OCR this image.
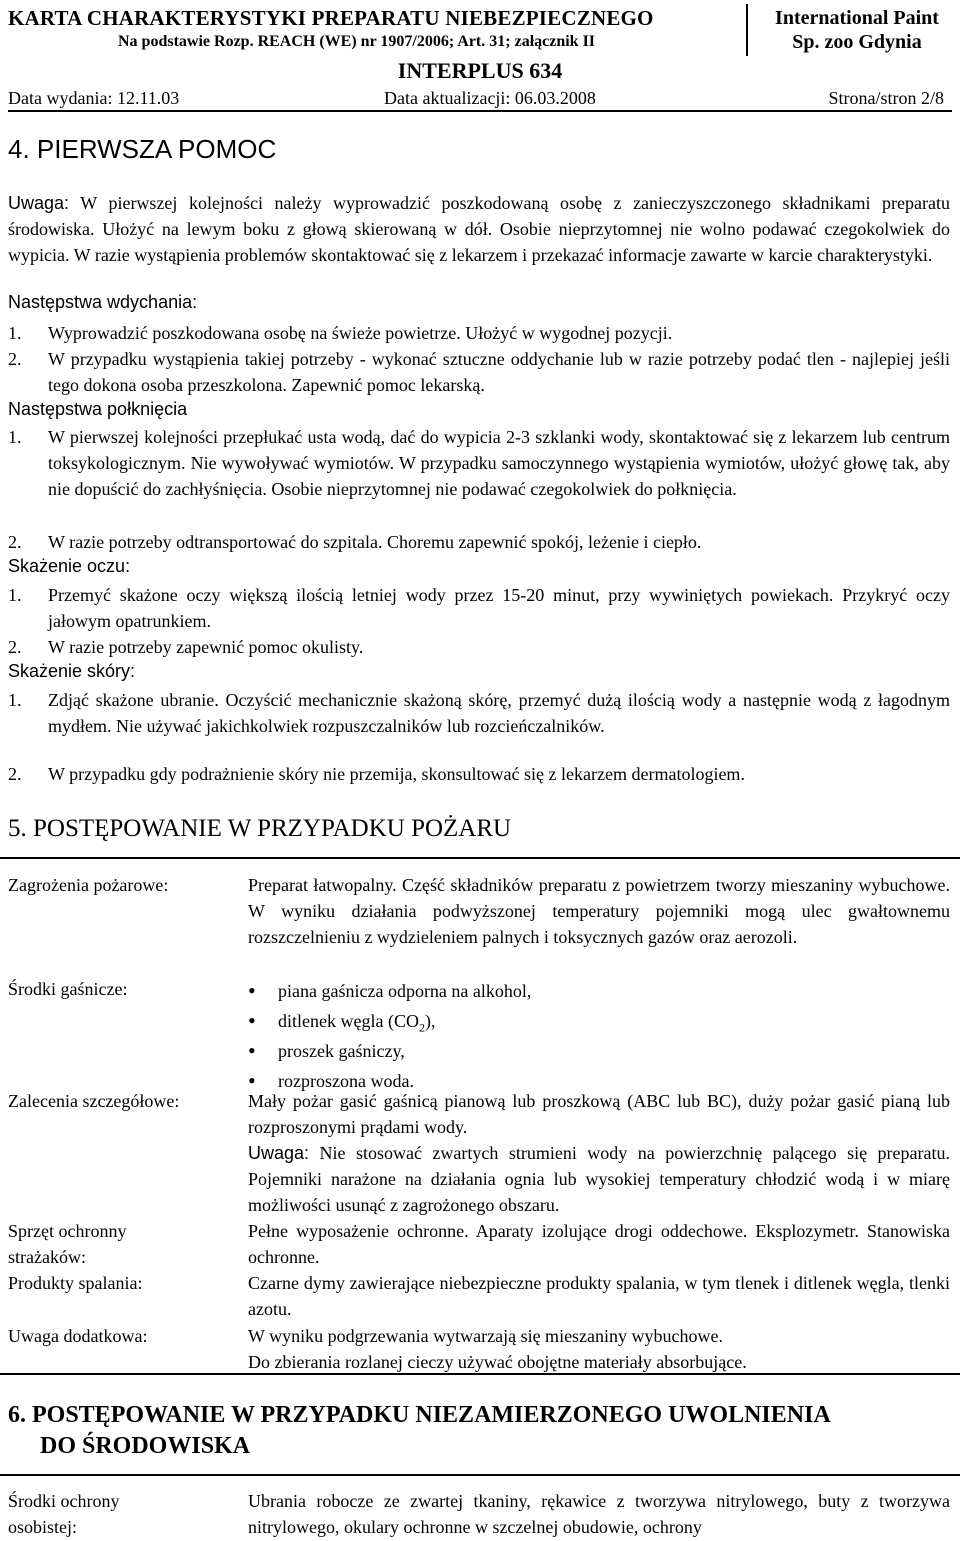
KARTA CHARAKTERYSTYKI PREPARATU NIEBEZPIECZNEGO
Na podstawie Rozp. REACH (WE) nr 1907/2006; Art. 31; załącznik II
International Paint
Sp. zoo Gdynia
INTERPLUS 634
Data wydania: 12.11.03	Data aktualizacji: 06.03.2008	Strona/stron 2/8
4. PIERWSZA POMOC
Uwaga: W pierwszej kolejności należy wyprowadzić poszkodowaną osobę z zanieczyszczonego składnikami preparatu środowiska. Ułożyć na lewym boku z głową skierowaną w dół. Osobie nieprzytomnej nie wolno podawać czegokolwiek do wypicia. W razie wystąpienia problemów skontaktować się z lekarzem i przekazać informacje zawarte w karcie charakterystyki.
Następstwa wdychania:
1. Wyprowadzić poszkodowana osobę na świeże powietrze. Ułożyć w wygodnej pozycji.
2. W przypadku wystąpienia takiej potrzeby - wykonać sztuczne oddychanie lub w razie potrzeby podać tlen - najlepiej jeśli tego dokona osoba przeszkolona. Zapewnić pomoc lekarską.
Następstwa połknięcia
1. W pierwszej kolejności przepłukać usta wodą, dać do wypicia 2-3 szklanki wody, skontaktować się z lekarzem lub centrum toksykologicznym. Nie wywoływać wymiotów. W przypadku samoczynnego wystąpienia wymiotów, ułożyć głowę tak, aby nie dopuścić do zachłyśnięcia. Osobie nieprzytomnej nie podawać czegokolwiek do połknięcia.
2. W razie potrzeby odtransportować do szpitala. Choremu zapewnić spokój, leżenie i ciepło.
Skażenie oczu:
1. Przemyć skażone oczy większą ilością letniej wody przez 15-20 minut, przy wywiniętych powiekach. Przykryć oczy jałowym opatrunkiem.
2. W razie potrzeby zapewnić pomoc okulisty.
Skażenie skóry:
1. Zdjąć skażone ubranie. Oczyścić mechanicznie skażoną skórę, przemyć dużą ilością wody a następnie wodą z łagodnym mydłem. Nie używać jakichkolwiek rozpuszczalników lub rozcieńczalników.
2. W przypadku gdy podrażnienie skóry nie przemija, skonsultować się z lekarzem dermatologiem.
5. POSTĘPOWANIE W PRZYPADKU POŻARU
Zagrożenia pożarowe:	Preparat łatwopalny. Część składników preparatu z powietrzem tworzy mieszaniny wybuchowe. W wyniku działania podwyższonej temperatury pojemniki mogą ulec gwałtownemu rozszczelnieniu z wydzieleniem palnych i toksycznych gazów oraz aerozoli.
Środki gaśnicze:
•	piana gaśnicza odporna na alkohol,
• ditlenek węgla $(CO_2)$,
• proszek gaśniczy,
• rozproszona woda.
Zalecenia szczegółowe:	Mały pożar gasić gaśnicą pianową lub proszkową (ABC lub BC), duży pożar gasić pianą lub rozproszonymi prądami wody.
Uwaga: Nie stosować zwartych strumieni wody na powierzchnię palącego się preparatu. Pojemniki narażone na działania ognia lub wysokiej temperatury chłodzić wodą i w miarę możliwości usunąć z zagrożonego obszaru.
Sprzęt ochronny
strażaków:
Pełne wyposażenie ochronne. Aparaty izolujące drogi oddechowe. Eksplozymetr. Stanowiska ochronne.
Produkty spalania:	Czarne dymy zawierające niebezpieczne produkty spalania, w tym tlenek i ditlenek węgla, tlenki azotu.
Uwaga dodatkowa:	W wyniku podgrzewania wytwarzają się mieszaniny wybuchowe.
Do zbierania rozlanej cieczy używać obojętne materiały absorbujące.
6. POSTĘPOWANIE W PRZYPADKU NIEZAMIERZONEGO UWOLNIENIA
DO ŚRODOWISKA
Środki ochrony
osobistej:
Ubrania robocze ze zwartej tkaniny, rękawice z tworzywa nitrylowego, buty z tworzywa nitrylowego, okulary ochronne w szczelnej obudowie, ochrony
